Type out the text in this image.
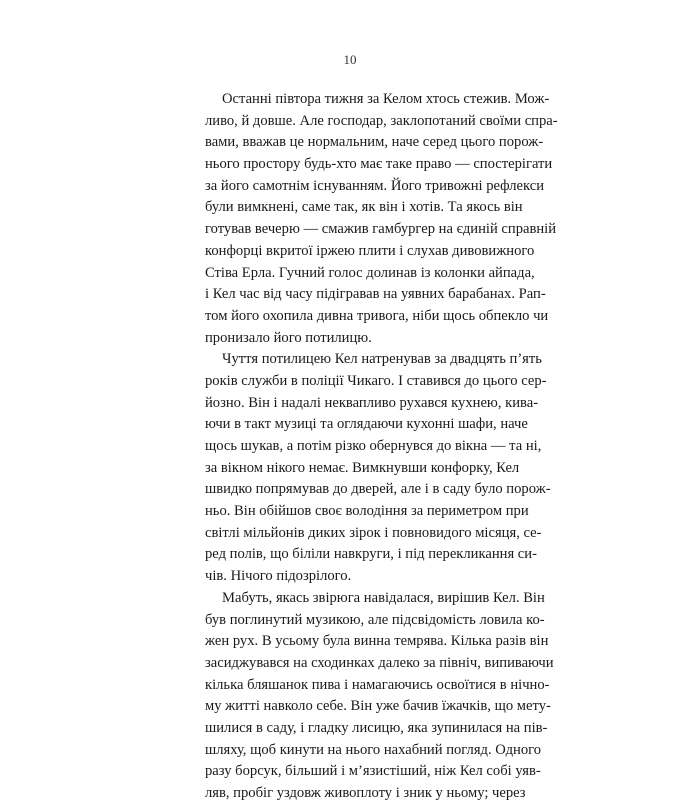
10
Останні півтора тижня за Келом хтось стежив. Мож-
ливо, й довше. Але господар, заклопотаний своїми спра-
вами, вважав це нормальним, наче серед цього порож-
нього простору будь-хто має таке право — спостерігати
за його самотнім існуванням. Його тривожні рефлекси
були вимкнені, саме так, як він і хотів. Та якось він
готував вечерю — смажив гамбургер на єдиній справній
конфорці вкритої іржею плити і слухав дивовижного
Стіва Ерла. Гучний голос долинав із колонки айпада,
і Кел час від часу підігравав на уявних барабанах. Рап-
том його охопила дивна тривога, ніби щось обпекло чи
пронизало його потилицю.
Чуття потилицею Кел натренував за двадцять п’ять
років служби в поліції Чикаго. І ставився до цього сер-
йозно. Він і надалі неквапливо рухався кухнею, кива-
ючи в такт музиці та оглядаючи кухонні шафи, наче
щось шукав, а потім різко обернувся до вікна — та ні,
за вікном нікого немає. Вимкнувши конфорку, Кел
швидко попрямував до дверей, але і в саду було порож-
ньо. Він обійшов своє володіння за периметром при
світлі мільйонів диких зірок і повновидого місяця, се-
ред полів, що біліли навкруги, і під перекликання си-
чів. Нічого підозрілого.
Мабуть, якась звірюга навідалася, вирішив Кел. Він
був поглинутий музикою, але підсвідомість ловила ко-
жен рух. В усьому була винна темрява. Кілька разів він
засиджувався на сходинках далеко за північ, випиваючи
кілька бляшанок пива і намагаючись освоїтися в нічно-
му житті навколо себе. Він уже бачив їжачків, що мету-
шилися в саду, і гладку лисицю, яка зупинилася на пів-
шляху, щоб кинути на нього нахабний погляд. Одного
разу борсук, більший і м’язистіший, ніж Кел собі уяв-
ляв, пробіг уздовж живоплоту і зник у ньому; через
